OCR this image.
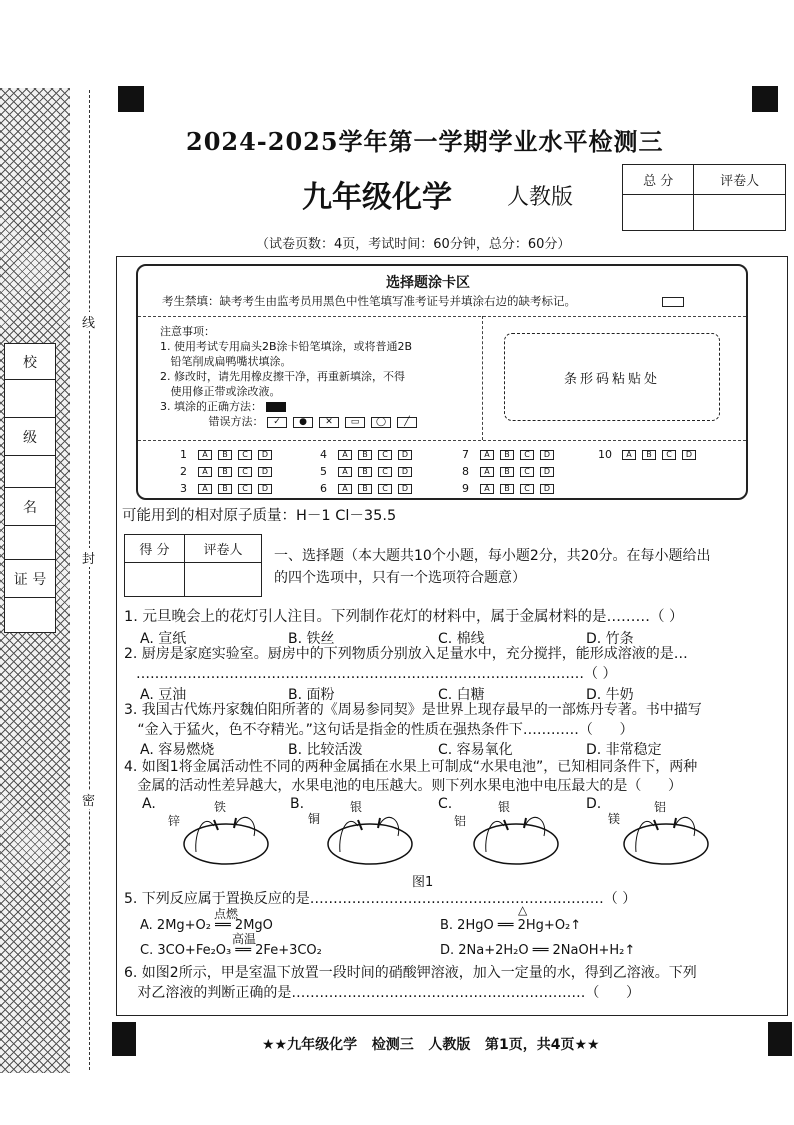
校
级
名
证 号
线
封
密
2024-2025学年第一学期学业水平检测三
九年级化学	人教版
总 分	评卷人

（试卷页数：4页，考试时间：60分钟，总分：60分）
选择题涂卡区
考生禁填：缺考考生由监考员用黑色中性笔填写准考证号并填涂右边的缺考标记。
注意事项：
1. 使用考试专用扁头2B涂卡铅笔填涂，或将普通2B
铅笔削成扁鸭嘴状填涂。
2. 修改时，请先用橡皮擦干净，再重新填涂，不得
使用修正带或涂改液。
3. 填涂的正确方法：
错误方法： ✓ ● ✕ ▭ ◯ ╱
条形码粘贴处
1 A B C D	4 A B C D	7 A B C D	10 A B C D
2 A B C D	5 A B C D	8 A B C D
3 A B C D	6 A B C D	9 A B C D
可能用到的相对原子质量：H－1 Cl－35.5
得 分	评卷人
	一、选择题（本大题共10个小题，每小题2分，共20分。在每小题给出
的四个选项中，只有一个选项符合题意）
1. 元旦晚会上的花灯引人注目。下列制作花灯的材料中，属于金属材料的是………（ ）
A. 宣纸	B. 铁丝	C. 棉线	D. 竹条
2. 厨房是家庭实验室。厨房中的下列物质分别放入足量水中，充分搅拌，能形成溶液的是…
……………………………………………………………………………………（ ）
A. 豆油	B. 面粉	C. 白糖	D. 牛奶
3. 我国古代炼丹家魏伯阳所著的《周易参同契》是世界上现存最早的一部炼丹专著。书中描写
“金入于猛火，色不夺精光。”这句话是指金的性质在强热条件下…………（      ）
A. 容易燃烧	B. 比较活泼	C. 容易氧化	D. 非常稳定
4. 如图1将金属活动性不同的两种金属插在水果上可制成“水果电池”，已知相同条件下，两种
金属的活动性差异越大，水果电池的电压越大。则下列水果电池中电压最大的是（      ）
A.
锌
铁	B.
铜
银	C.
铝
银	D.
镁
铝
图1
5. 下列反应属于置换反应的是………………………………………………………（ ）
点燃
A. 2Mg+O₂ ══ 2MgO
△
B. 2HgO ══ 2Hg+O₂↑
高温
C. 3CO+Fe₂O₃ ══ 2Fe+3CO₂	D. 2Na+2H₂O ══ 2NaOH+H₂↑
6. 如图2所示，甲是室温下放置一段时间的硝酸钾溶液，加入一定量的水，得到乙溶液。下列
对乙溶液的判断正确的是………………………………………………………（      ）
★★九年级化学   检测三   人教版   第1页，共4页★★
